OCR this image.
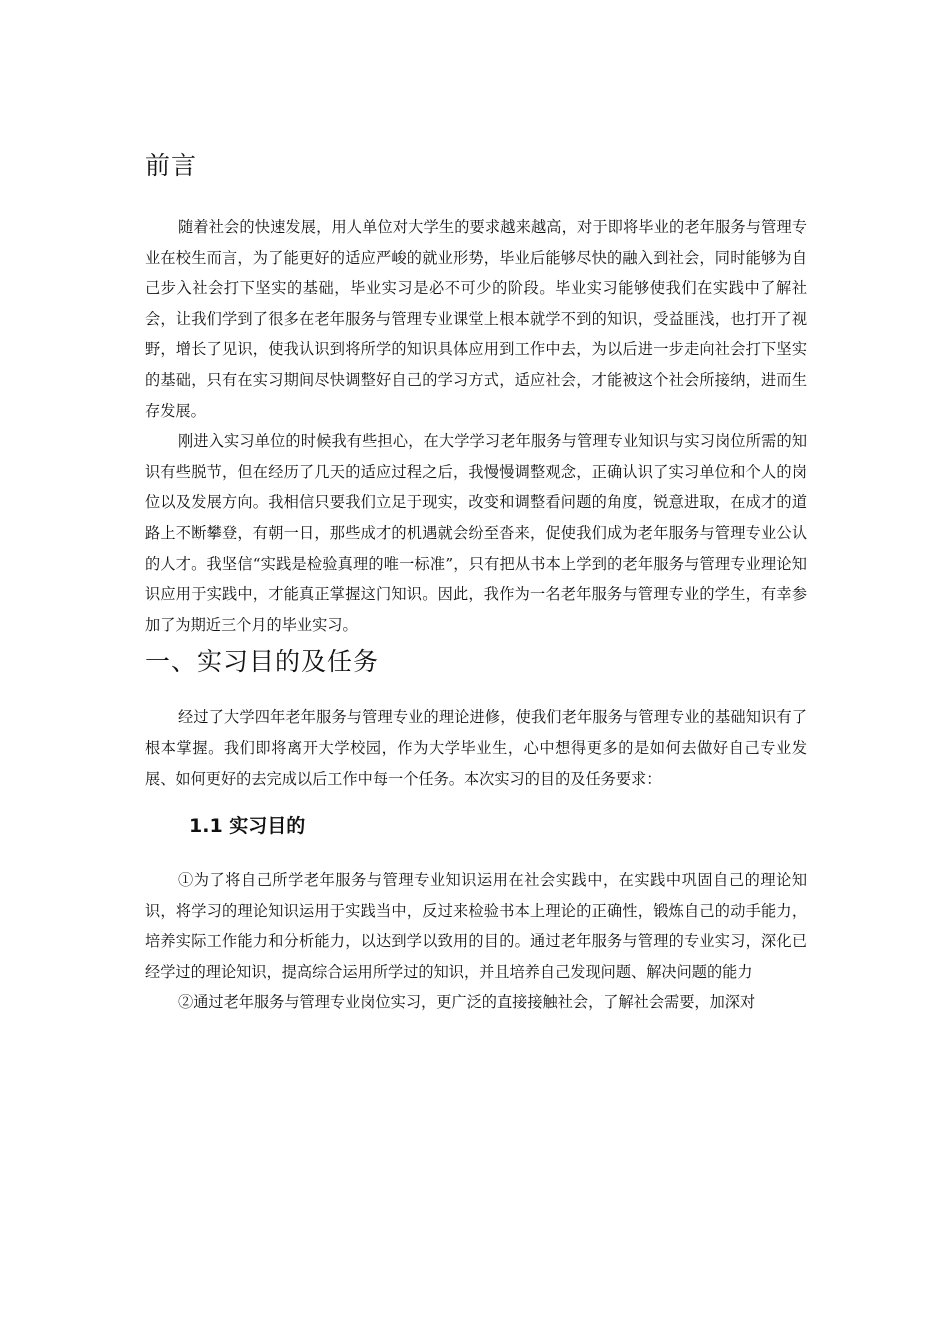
前言

随着社会的快速发展，用人单位对大学生的要求越来越高，对于即将毕业的老年服务与管理专业在校生而言，为了能更好的适应严峻的就业形势，毕业后能够尽快的融入到社会，同时能够为自己步入社会打下坚实的基础，毕业实习是必不可少的阶段。毕业实习能够使我们在实践中了解社会，让我们学到了很多在老年服务与管理专业课堂上根本就学不到的知识，受益匪浅，也打开了视野，增长了见识，使我认识到将所学的知识具体应用到工作中去，为以后进一步走向社会打下坚实的基础，只有在实习期间尽快调整好自己的学习方式，适应社会，才能被这个社会所接纳，进而生存发展。

刚进入实习单位的时候我有些担心，在大学学习老年服务与管理专业知识与实习岗位所需的知识有些脱节，但在经历了几天的适应过程之后，我慢慢调整观念，正确认识了实习单位和个人的岗位以及发展方向。我相信只要我们立足于现实，改变和调整看问题的角度，锐意进取，在成才的道路上不断攀登，有朝一日，那些成才的机遇就会纷至沓来，促使我们成为老年服务与管理专业公认的人才。我坚信“实践是检验真理的唯一标准”，只有把从书本上学到的老年服务与管理专业理论知识应用于实践中，才能真正掌握这门知识。因此，我作为一名老年服务与管理专业的学生，有幸参加了为期近三个月的毕业实习。

一、实习目的及任务

经过了大学四年老年服务与管理专业的理论进修，使我们老年服务与管理专业的基础知识有了根本掌握。我们即将离开大学校园，作为大学毕业生，心中想得更多的是如何去做好自己专业发展、如何更好的去完成以后工作中每一个任务。本次实习的目的及任务要求：

1.1 实习目的

①为了将自己所学老年服务与管理专业知识运用在社会实践中，在实践中巩固自己的理论知识，将学习的理论知识运用于实践当中，反过来检验书本上理论的正确性，锻炼自己的动手能力，培养实际工作能力和分析能力，以达到学以致用的目的。通过老年服务与管理的专业实习，深化已经学过的理论知识，提高综合运用所学过的知识，并且培养自己发现问题、解决问题的能力

②通过老年服务与管理专业岗位实习，更广泛的直接接触社会，了解社会需要，加深对
